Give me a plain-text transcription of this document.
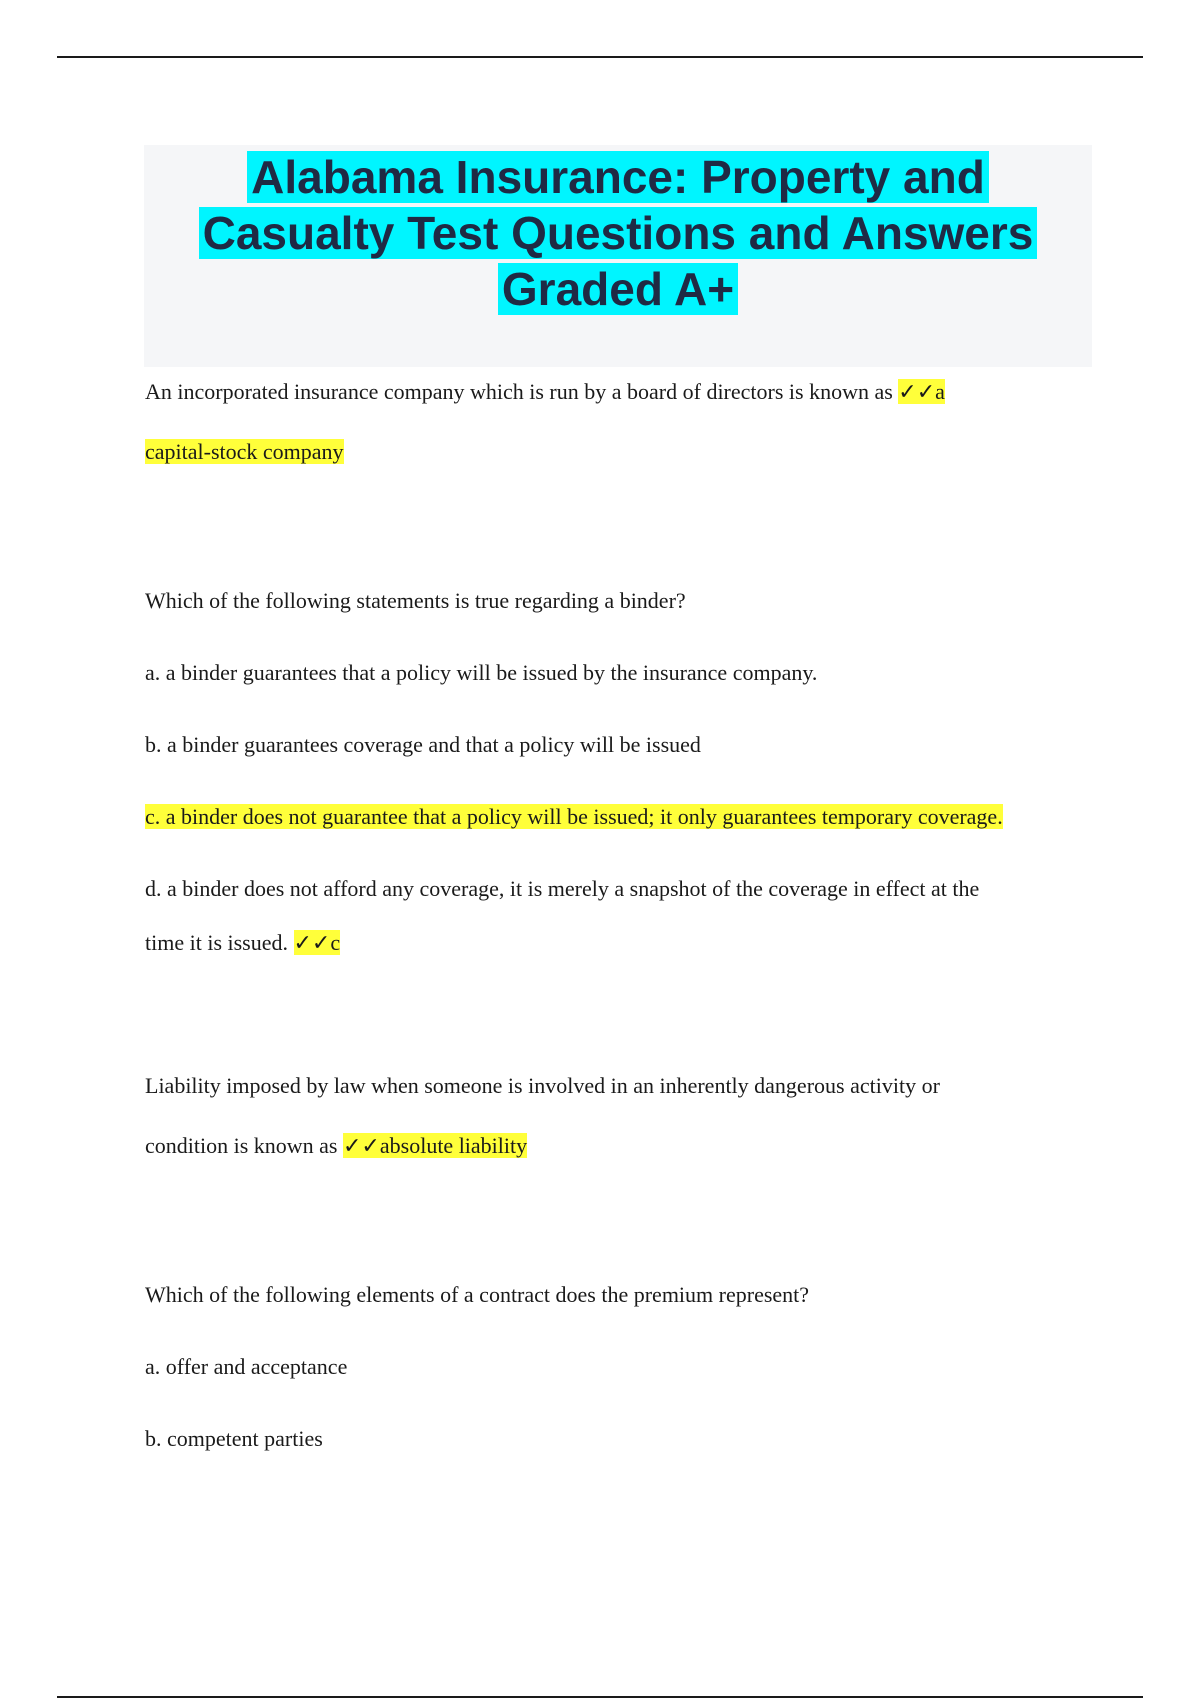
Alabama Insurance: Property and
Casualty Test Questions and Answers
Graded A+

An incorporated insurance company which is run by a board of directors is known as ✓✓a

capital-stock company

Which of the following statements is true regarding a binder?

a. a binder guarantees that a policy will be issued by the insurance company.

b. a binder guarantees coverage and that a policy will be issued

c. a binder does not guarantee that a policy will be issued; it only guarantees temporary coverage.

d. a binder does not afford any coverage, it is merely a snapshot of the coverage in effect at the

time it is issued. ✓✓c

Liability imposed by law when someone is involved in an inherently dangerous activity or

condition is known as ✓✓absolute liability

Which of the following elements of a contract does the premium represent?

a. offer and acceptance

b. competent parties
